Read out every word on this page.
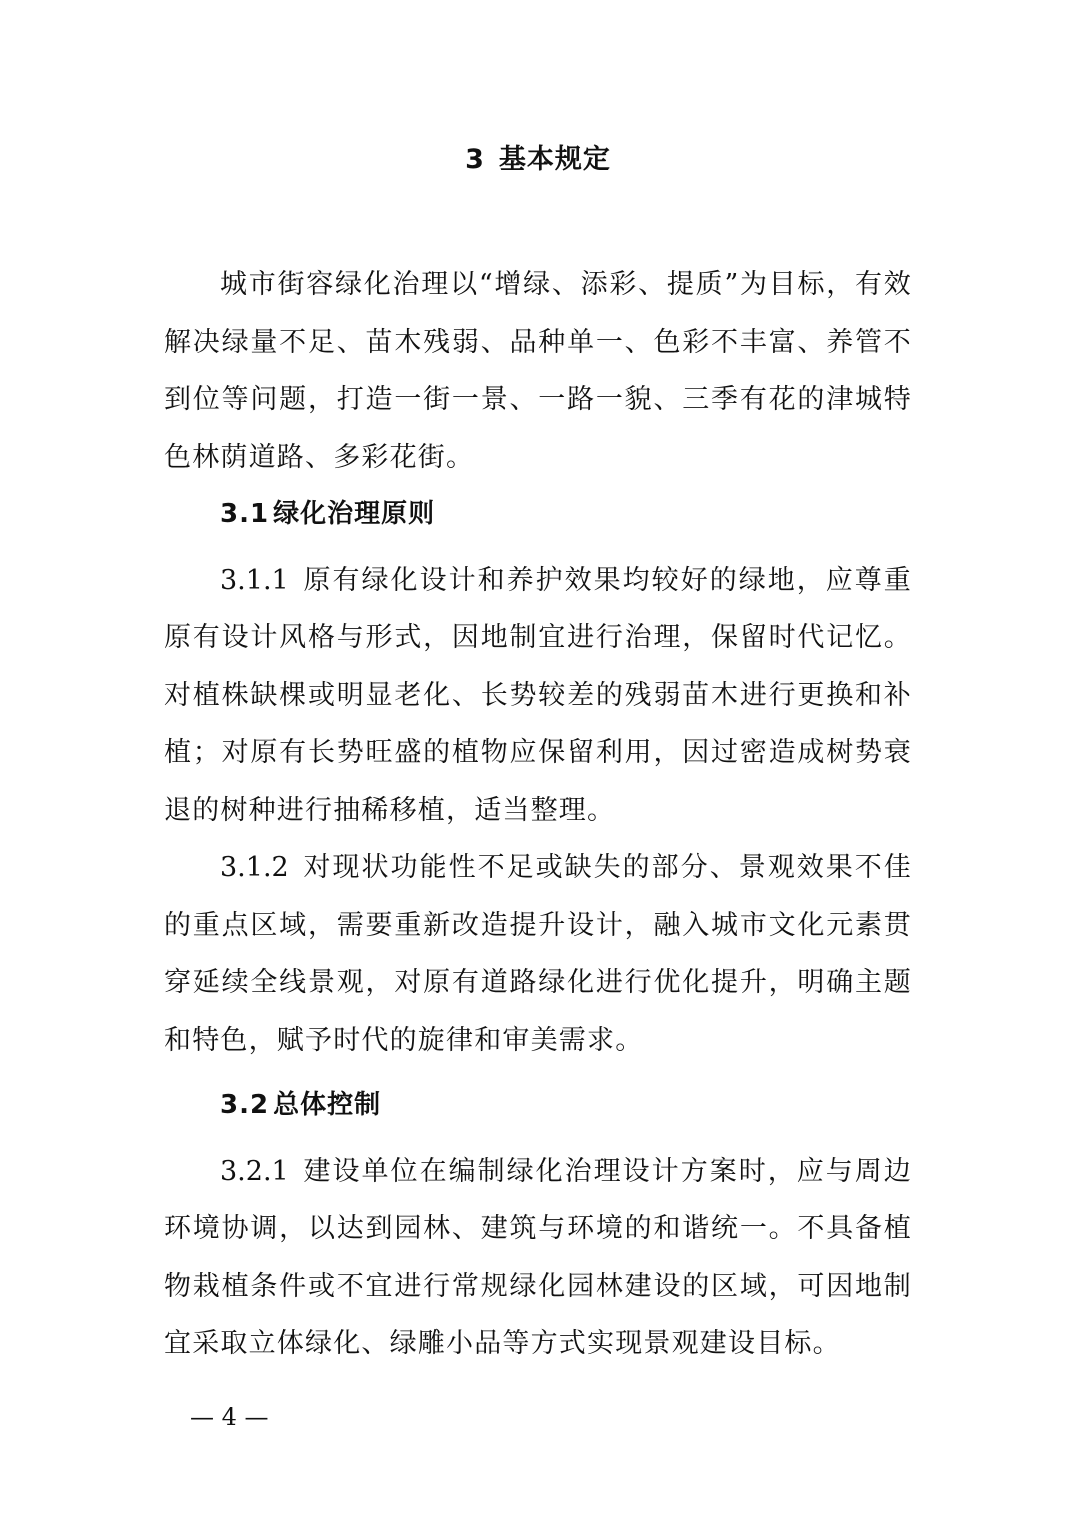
3 基本规定

城市街容绿化治理以“增绿、添彩、提质”为目标，有效解决绿量不足、苗木残弱、品种单一、色彩不丰富、养管不到位等问题，打造一街一景、一路一貌、三季有花的津城特色林荫道路、多彩花街。

3.1 绿化治理原则

3.1.1 原有绿化设计和养护效果均较好的绿地，应尊重原有设计风格与形式，因地制宜进行治理，保留时代记忆。对植株缺棵或明显老化、长势较差的残弱苗木进行更换和补植；对原有长势旺盛的植物应保留利用，因过密造成树势衰退的树种进行抽稀移植，适当整理。

3.1.2 对现状功能性不足或缺失的部分、景观效果不佳的重点区域，需要重新改造提升设计，融入城市文化元素贯穿延续全线景观，对原有道路绿化进行优化提升，明确主题和特色，赋予时代的旋律和审美需求。

3.2 总体控制

3.2.1 建设单位在编制绿化治理设计方案时，应与周边环境协调，以达到园林、建筑与环境的和谐统一。不具备植物栽植条件或不宜进行常规绿化园林建设的区域，可因地制宜采取立体绿化、绿雕小品等方式实现景观建设目标。

— 4 —
